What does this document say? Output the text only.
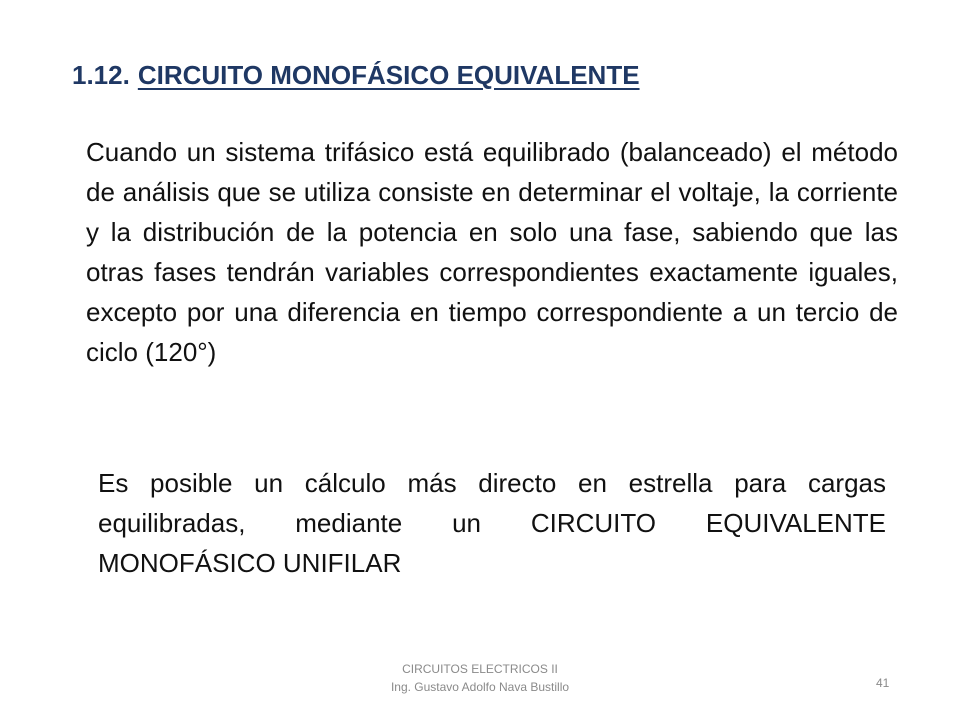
1.12. CIRCUITO MONOFÁSICO EQUIVALENTE

Cuando un sistema trifásico está equilibrado (balanceado) el método de análisis que se utiliza consiste en determinar el voltaje, la corriente y la distribución de la potencia en solo una fase, sabiendo que las otras fases tendrán variables correspondientes exactamente iguales, excepto por una diferencia en tiempo correspondiente a un tercio de ciclo (120°)

Es posible un cálculo más directo en estrella para cargas equilibradas, mediante un CIRCUITO EQUIVALENTE MONOFÁSICO UNIFILAR

CIRCUITOS ELECTRICOS II
Ing. Gustavo Adolfo Nava Bustillo	41
